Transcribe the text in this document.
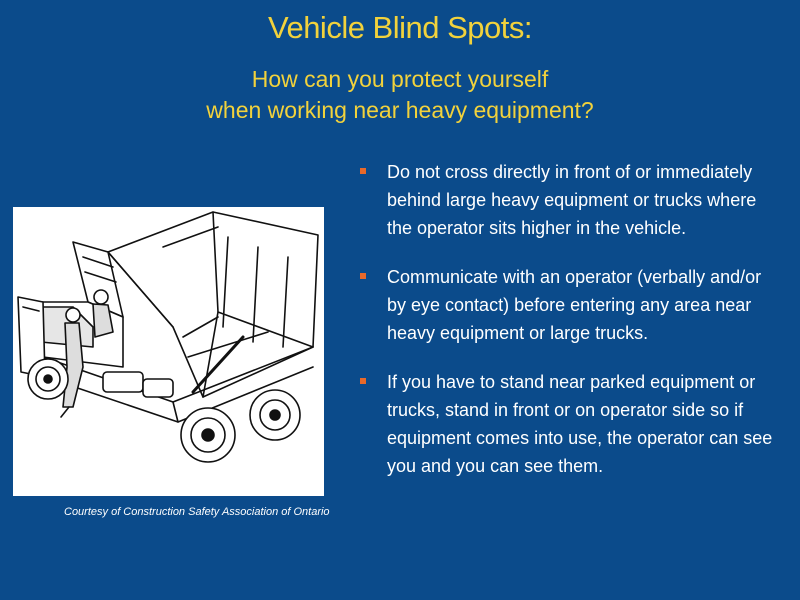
Vehicle Blind Spots:
How can you protect yourself
when working near heavy equipment?
Courtesy of Construction Safety Association of Ontario
Do not cross directly in front of or immediately behind large heavy equipment or trucks where the operator sits higher in the vehicle.
Communicate with an operator (verbally and/or by eye contact) before entering any area near heavy equipment or large trucks.
If you have to stand near parked equipment or trucks, stand in front or on operator side so if equipment comes into use, the operator can see you and you can see them.
